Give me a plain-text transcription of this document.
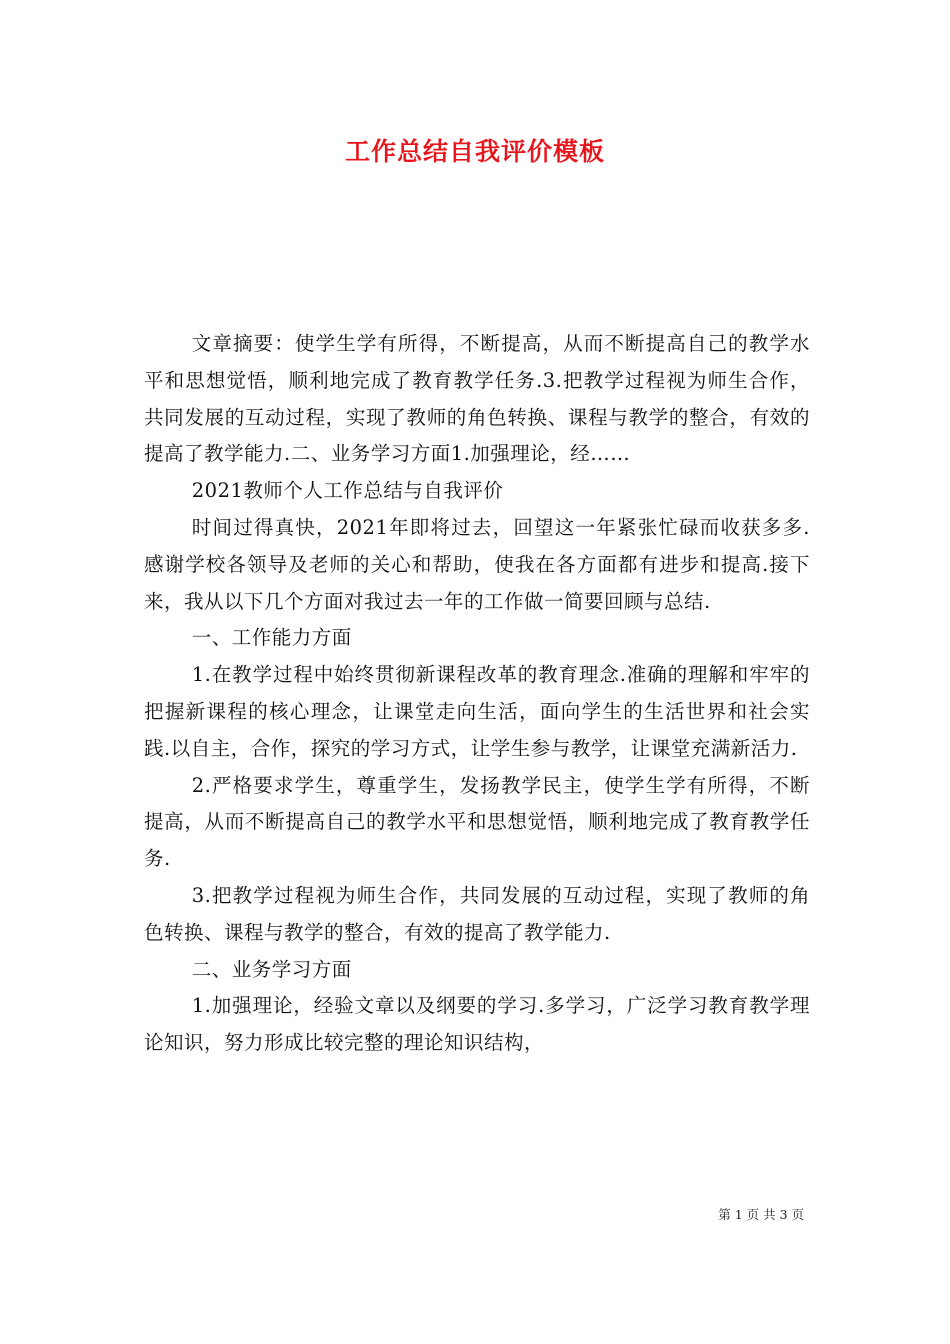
工作总结自我评价模板

文章摘要：使学生学有所得，不断提高，从而不断提高自己的教学水平和思想觉悟，顺利地完成了教育教学任务.3.把教学过程视为师生合作，共同发展的互动过程，实现了教师的角色转换、课程与教学的整合，有效的提高了教学能力.二、业务学习方面1.加强理论，经……

2021教师个人工作总结与自我评价

时间过得真快，2021年即将过去，回望这一年紧张忙碌而收获多多.感谢学校各领导及老师的关心和帮助，使我在各方面都有进步和提高.接下来，我从以下几个方面对我过去一年的工作做一简要回顾与总结.

一、工作能力方面

1.在教学过程中始终贯彻新课程改革的教育理念.准确的理解和牢牢的把握新课程的核心理念，让课堂走向生活，面向学生的生活世界和社会实践.以自主，合作，探究的学习方式，让学生参与教学，让课堂充满新活力.

2.严格要求学生，尊重学生，发扬教学民主，使学生学有所得，不断提高，从而不断提高自己的教学水平和思想觉悟，顺利地完成了教育教学任务.

3.把教学过程视为师生合作，共同发展的互动过程，实现了教师的角色转换、课程与教学的整合，有效的提高了教学能力.

二、业务学习方面

1.加强理论，经验文章以及纲要的学习.多学习，广泛学习教育教学理论知识，努力形成比较完整的理论知识结构，

第 1 页 共 3 页
